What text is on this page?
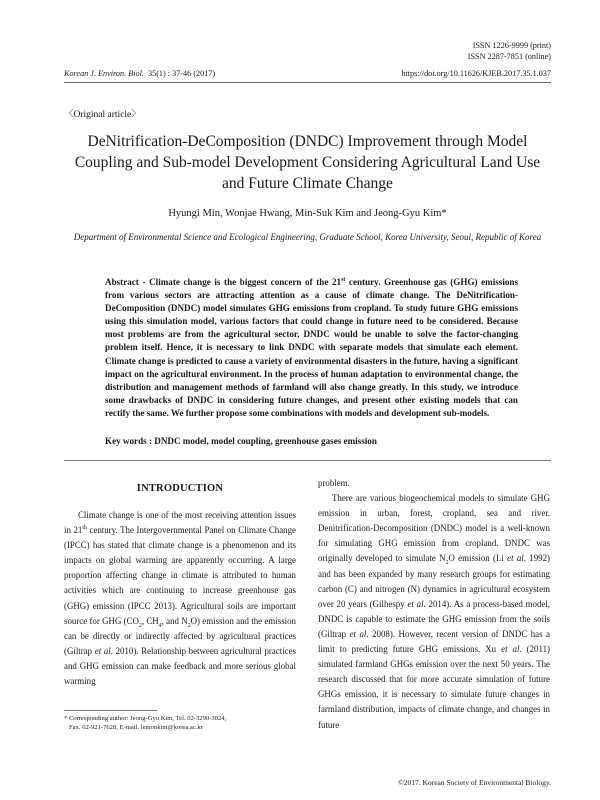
ISSN 1226-9999 (print)
ISSN 2287-7851 (online)
Korean J. Environ. Biol. 35(1) : 37-46 (2017)	https://doi.org/10.11626/KJEB.2017.35.1.037
〈Original article〉
DeNitrification-DeComposition (DNDC) Improvement through Model Coupling and Sub-model Development Considering Agricultural Land Use and Future Climate Change
Hyungi Min, Wonjae Hwang, Min-Suk Kim and Jeong-Gyu Kim*
Department of Environmental Science and Ecological Engineering, Graduate School, Korea University, Seoul, Republic of Korea
Abstract - Climate change is the biggest concern of the 21st century. Greenhouse gas (GHG) emissions from various sectors are attracting attention as a cause of climate change. The DeNitrification-DeComposition (DNDC) model simulates GHG emissions from cropland. To study future GHG emissions using this simulation model, various factors that could change in future need to be considered. Because most problems are from the agricultural sector, DNDC would be unable to solve the factor-changing problem itself. Hence, it is necessary to link DNDC with separate models that simulate each element. Climate change is predicted to cause a variety of environmental disasters in the future, having a significant impact on the agricultural environment. In the process of human adaptation to environmental change, the distribution and management methods of farmland will also change greatly. In this study, we introduce some drawbacks of DNDC in considering future changes, and present other existing models that can rectify the same. We further propose some combinations with models and development sub-models.
Key words : DNDC model, model coupling, greenhouse gases emission
INTRODUCTION

Climate change is one of the most receiving attention issues in 21th century. The Intergovernmental Panel on Climate Change (IPCC) has stated that climate change is a phenomenon and its impacts on global warming are apparently occurring. A large proportion affecting change in climate is attributed to human activities which are continuing to increase greenhouse gas (GHG) emission (IPCC 2013). Agricultural soils are important source for GHG ($CO_2$, $CH_4$, and $N_2O$) emission and the emission can be directly or indirectly affected by agricultural practices (Giltrap et al. 2010). Relationship between agricultural practices and GHG emission can make feedback and more serious global warming

problem.

There are various biogeochemical models to simulate GHG emission in urban, forest, cropland, sea and river. Denitrification-Decomposition (DNDC) model is a well-known for simulating GHG emission from cropland. DNDC was originally developed to simulate $N_2O$ emission (Li et al. 1992) and has been expanded by many research groups for estimating carbon (C) and nitrogen (N) dynamics in agricultural ecosystem over 20 years (Gilhespy et al. 2014). As a process-based model, DNDC is capable to estimate the GHG emission from the soils (Giltrap et al. 2008). However, recent version of DNDC has a limit to predicting future GHG emissions. Xu et al. (2011) simulated farmland GHGs emission over the next 50 years. The research discussed that for more accurate simulation of future GHGs emission, it is necessary to simulate future changes in farmland distribution, impacts of climate change, and changes in future

* Corresponding author: Jeong-Gyu Kim, Tel. 02-3290-3024,
Fax. 02-921-7628, E-mail. lemonkim@korea.ac.kr
©2017. Korean Society of Environmental Biology.
